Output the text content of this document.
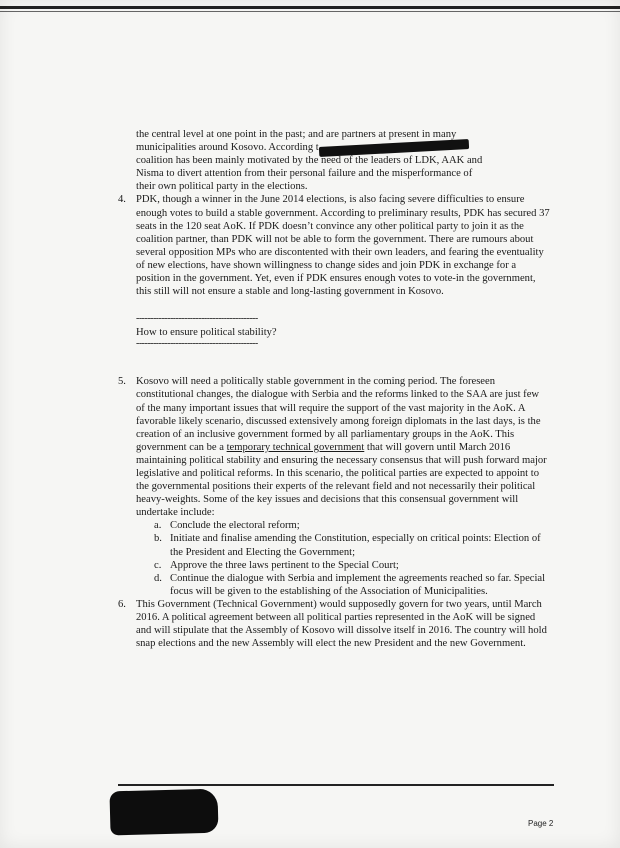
the central level at one point in the past; and are partners at present in many

municipalities around Kosovo. According t

coalition has been mainly motivated by the need of the leaders of LDK, AAK and

Nisma to divert attention from their personal failure and the misperformance of

their own political party in the elections.

4. PDK, though a winner in the June 2014 elections, is also facing severe difficulties to ensure enough votes to build a stable government. According to preliminary results, PDK has secured 37 seats in the 120 seat AoK. If PDK doesn’t convince any other political party to join it as the coalition partner, than PDK will not be able to form the government. There are rumours about several opposition MPs who are discontented with their own leaders, and fearing the eventuality of new elections, have shown willingness to change sides and join PDK in exchange for a position in the government. Yet, even if PDK ensures enough votes to vote-in the government, this still will not ensure a stable and long-lasting government in Kosovo.

-------------------------------------------
How to ensure political stability?
-------------------------------------------
5. Kosovo will need a politically stable government in the coming period. The foreseen constitutional changes, the dialogue with Serbia and the reforms linked to the SAA are just few of the many important issues that will require the support of the vast majority in the AoK. A favorable likely scenario, discussed extensively among foreign diplomats in the last days, is the creation of an inclusive government formed by all parliamentary groups in the AoK. This government can be a temporary technical government that will govern until March 2016 maintaining political stability and ensuring the necessary consensus that will push forward major legislative and political reforms. In this scenario, the political parties are expected to appoint to the governmental positions their experts of the relevant field and not necessarily their political heavy-weights. Some of the key issues and decisions that this consensual government will undertake include:

a. Conclude the electoral reform;
b. Initiate and finalise amending the Constitution, especially on critical points: Election of the President and Electing the Government;
c. Approve the three laws pertinent to the Special Court;
d. Continue the dialogue with Serbia and implement the agreements reached so far. Special focus will be given to the establishing of the Association of Municipalities.
6. This Government (Technical Government) would supposedly govern for two years, until March 2016. A political agreement between all political parties represented in the AoK will be signed and will stipulate that the Assembly of Kosovo will dissolve itself in 2016. The country will hold snap elections and the new Assembly will elect the new President and the new Government.

Page 2
